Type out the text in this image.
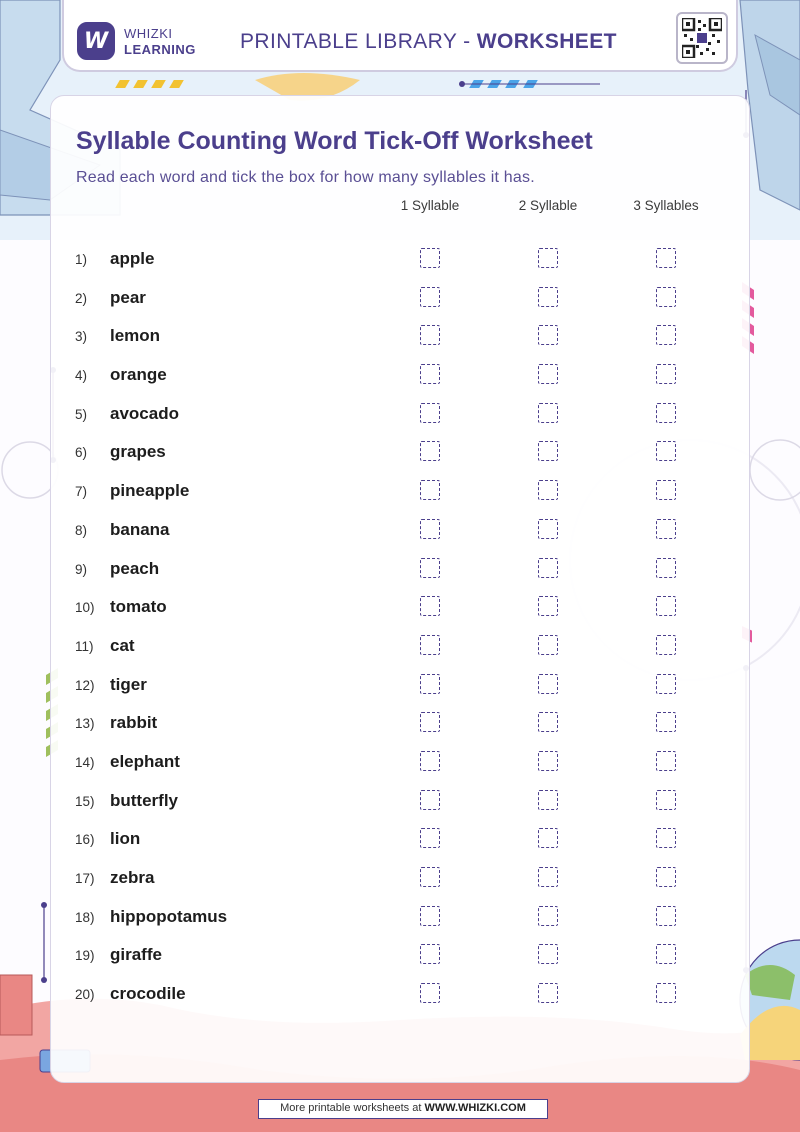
W WHIZKI
LEARNING PRINTABLE LIBRARY - WORKSHEET
Syllable Counting Word Tick-Off Worksheet
Read each word and tick the box for how many syllables it has.
1 Syllable	2 Syllable	3 Syllables
1) apple
2) pear
3) lemon
4) orange
5) avocado
6) grapes
7) pineapple
8) banana
9) peach
10) tomato
11) cat
12) tiger
13) rabbit
14) elephant
15) butterfly
16) lion
17) zebra
18) hippopotamus
19) giraffe
20) crocodile
More printable worksheets at WWW.WHIZKI.COM
